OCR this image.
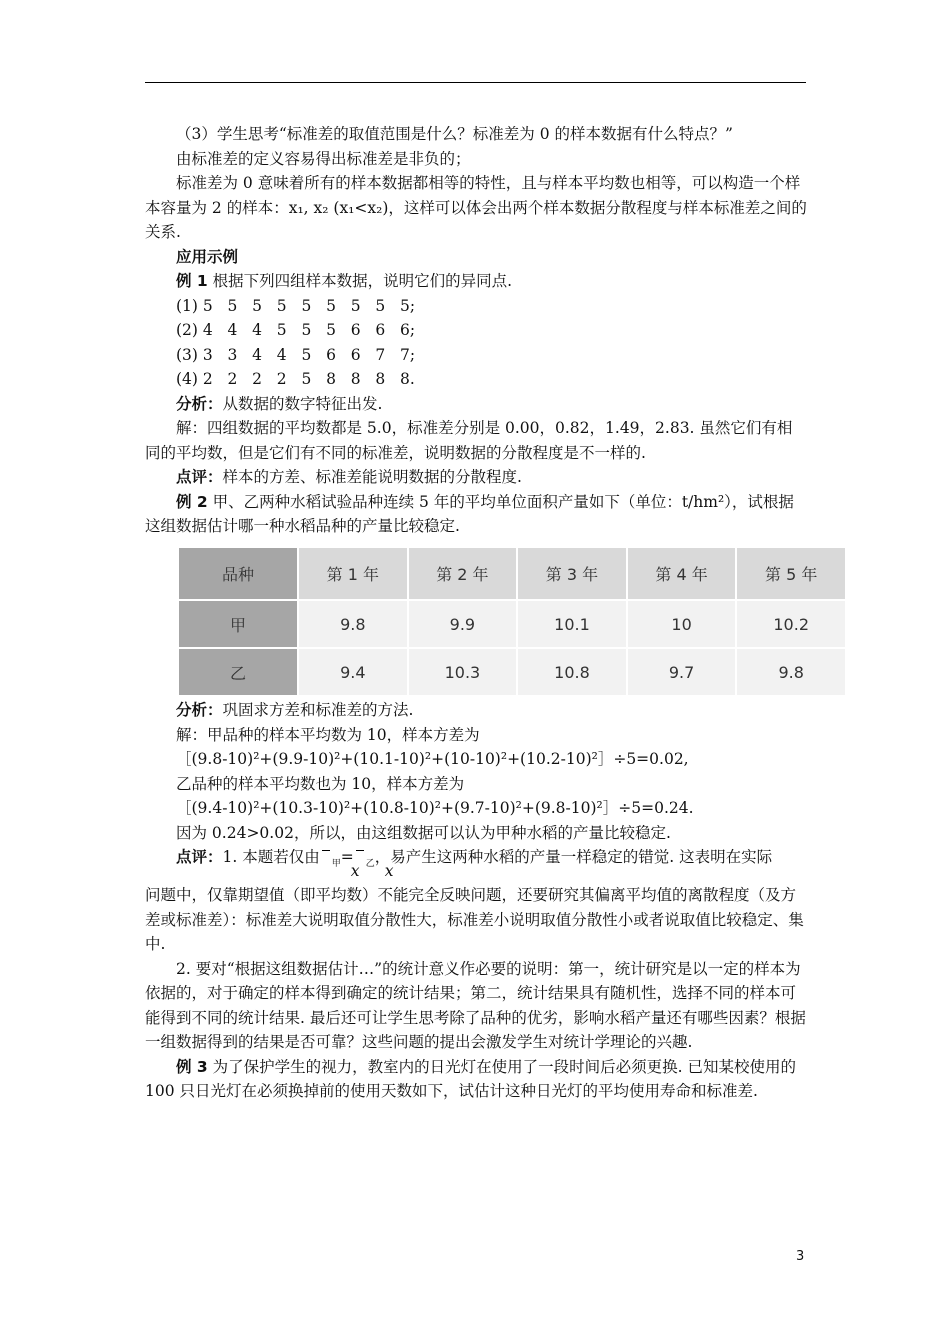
（3）学生思考“标准差的取值范围是什么？标准差为 0 的样本数据有什么特点？”

由标准差的定义容易得出标准差是非负的；

标准差为 0 意味着所有的样本数据都相等的特性，且与样本平均数也相等，可以构造一个样本容量为 2 的样本：x₁, x₂ (x₁<x₂)，这样可以体会出两个样本数据分散程度与样本标准差之间的关系.

应用示例

例 1 根据下列四组样本数据，说明它们的异同点.

(1) 5   5   5   5   5   5   5   5   5;

(2) 4   4   4   5   5   5   6   6   6;

(3) 3   3   4   4   5   6   6   7   7;

(4) 2   2   2   2   5   8   8   8   8.

分析：从数据的数字特征出发.

解：四组数据的平均数都是 5.0，标准差分别是 0.00，0.82，1.49，2.83. 虽然它们有相同的平均数，但是它们有不同的标准差，说明数据的分散程度是不一样的.

点评：样本的方差、标准差能说明数据的分散程度.

例 2 甲、乙两种水稻试验品种连续 5 年的平均单位面积产量如下（单位：t/hm²），试根据这组数据估计哪一种水稻品种的产量比较稳定.

品种	第 1 年	第 2 年	第 3 年	第 4 年	第 5 年
甲	9.8	9.9	10.1	10	10.2
乙	9.4	10.3	10.8	9.7	9.8

分析：巩固求方差和标准差的方法.

解：甲品种的样本平均数为 10，样本方差为

［(9.8-10)²+(9.9-10)²+(10.1-10)²+(10-10)²+(10.2-10)²］÷5=0.02,

乙品种的样本平均数也为 10，样本方差为

［(9.4-10)²+(10.3-10)²+(10.8-10)²+(9.7-10)²+(9.8-10)²］÷5=0.24.

因为 0.24>0.02，所以，由这组数据可以认为甲种水稻的产量比较稳定.

点评：1. 本题若仅由
$x_甲=$
$x_乙$，易产生这两种水稻的产量一样稳定的错觉. 这表明在实际

问题中，仅靠期望值（即平均数）不能完全反映问题，还要研究其偏离平均值的离散程度（及方差或标准差）：标准差大说明取值分散性大，标准差小说明取值分散性小或者说取值比较稳定、集中.

2. 要对“根据这组数据估计…”的统计意义作必要的说明：第一，统计研究是以一定的样本为依据的，对于确定的样本得到确定的统计结果；第二，统计结果具有随机性，选择不同的样本可能得到不同的统计结果. 最后还可让学生思考除了品种的优劣，影响水稻产量还有哪些因素？根据一组数据得到的结果是否可靠？这些问题的提出会激发学生对统计学理论的兴趣.

例 3 为了保护学生的视力，教室内的日光灯在使用了一段时间后必须更换. 已知某校使用的 100 只日光灯在必须换掉前的使用天数如下，试估计这种日光灯的平均使用寿命和标准差.

3
